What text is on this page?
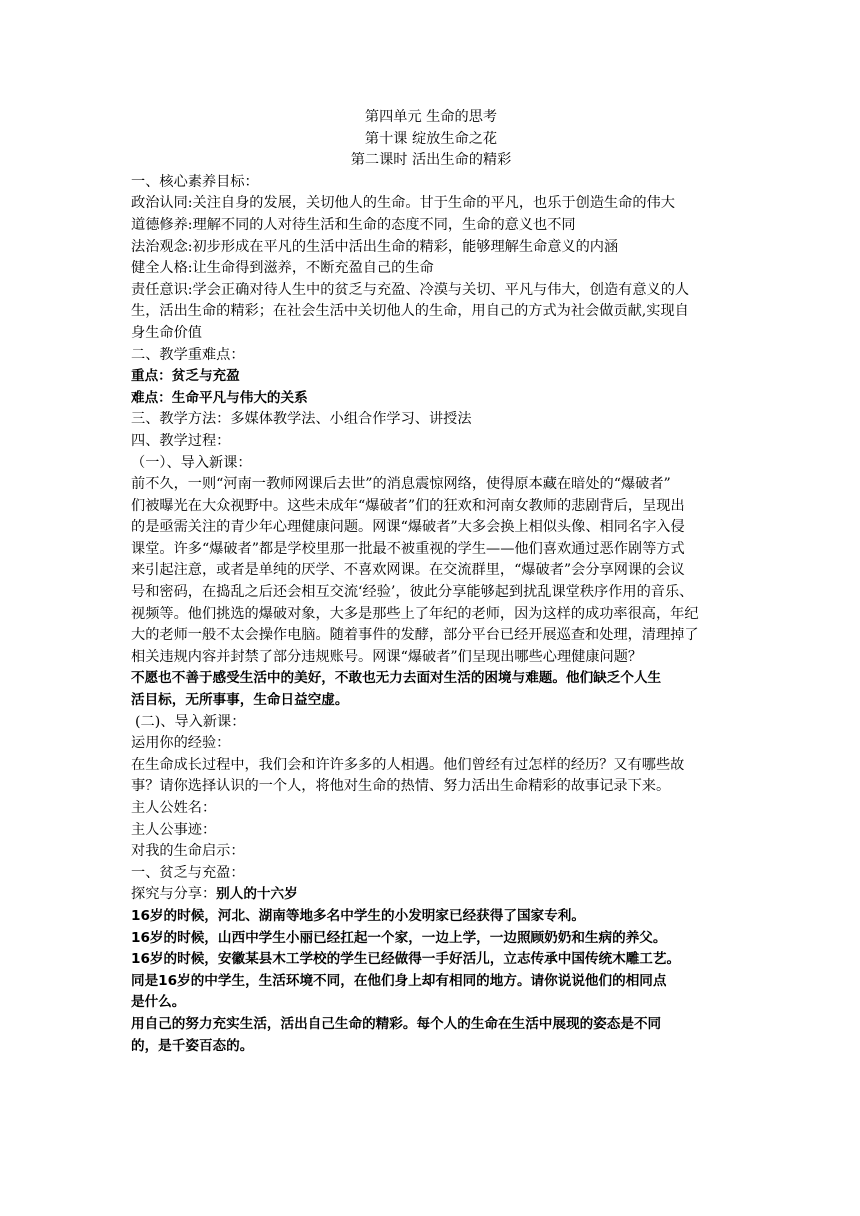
第四单元 生命的思考
第十课 绽放生命之花
第二课时 活出生命的精彩
一、核心素养目标：
政治认同:关注自身的发展，关切他人的生命。甘于生命的平凡，也乐于创造生命的伟大
道德修养:理解不同的人对待生活和生命的态度不同，生命的意义也不同
法治观念:初步形成在平凡的生活中活出生命的精彩，能够理解生命意义的内涵
健全人格:让生命得到滋养，不断充盈自己的生命
责任意识:学会正确对待人生中的贫乏与充盈、冷漠与关切、平凡与伟大，创造有意义的人
生，活出生命的精彩；在社会生活中关切他人的生命，用自己的方式为社会做贡献,实现自
身生命价值
二、教学重难点：
重点：贫乏与充盈
难点：生命平凡与伟大的关系
三、教学方法：多媒体教学法、小组合作学习、讲授法
四、教学过程：
（一）、导入新课：
前不久，一则“河南一教师网课后去世”的消息震惊网络，使得原本藏在暗处的“爆破者”
们被曝光在大众视野中。这些未成年“爆破者”们的狂欢和河南女教师的悲剧背后，呈现出
的是亟需关注的青少年心理健康问题。网课“爆破者”大多会换上相似头像、相同名字入侵
课堂。许多“爆破者”都是学校里那一批最不被重视的学生——他们喜欢通过恶作剧等方式
来引起注意，或者是单纯的厌学、不喜欢网课。在交流群里，“爆破者”会分享网课的会议
号和密码，在捣乱之后还会相互交流‘经验’，彼此分享能够起到扰乱课堂秩序作用的音乐、
视频等。他们挑选的爆破对象，大多是那些上了年纪的老师，因为这样的成功率很高，年纪
大的老师一般不太会操作电脑。随着事件的发酵，部分平台已经开展巡查和处理，清理掉了
相关违规内容并封禁了部分违规账号。网课“爆破者”们呈现出哪些心理健康问题？
不愿也不善于感受生活中的美好，不敢也无力去面对生活的困境与难题。他们缺乏个人生
活目标，无所事事，生命日益空虚。
(二)、导入新课：
运用你的经验：
在生命成长过程中，我们会和许许多多的人相遇。他们曾经有过怎样的经历？又有哪些故
事？请你选择认识的一个人，将他对生命的热情、努力活出生命精彩的故事记录下来。
主人公姓名：
主人公事迹：
对我的生命启示：
一、贫乏与充盈：
探究与分享：别人的十六岁
16岁的时候，河北、湖南等地多名中学生的小发明家已经获得了国家专利。
16岁的时候，山西中学生小丽已经扛起一个家，一边上学，一边照顾奶奶和生病的养父。
16岁的时候，安徽某县木工学校的学生已经做得一手好活儿，立志传承中国传统木雕工艺。
同是16岁的中学生，生活环境不同，在他们身上却有相同的地方。请你说说他们的相同点
是什么。
用自己的努力充实生活，活出自己生命的精彩。每个人的生命在生活中展现的姿态是不同
的，是千姿百态的。
